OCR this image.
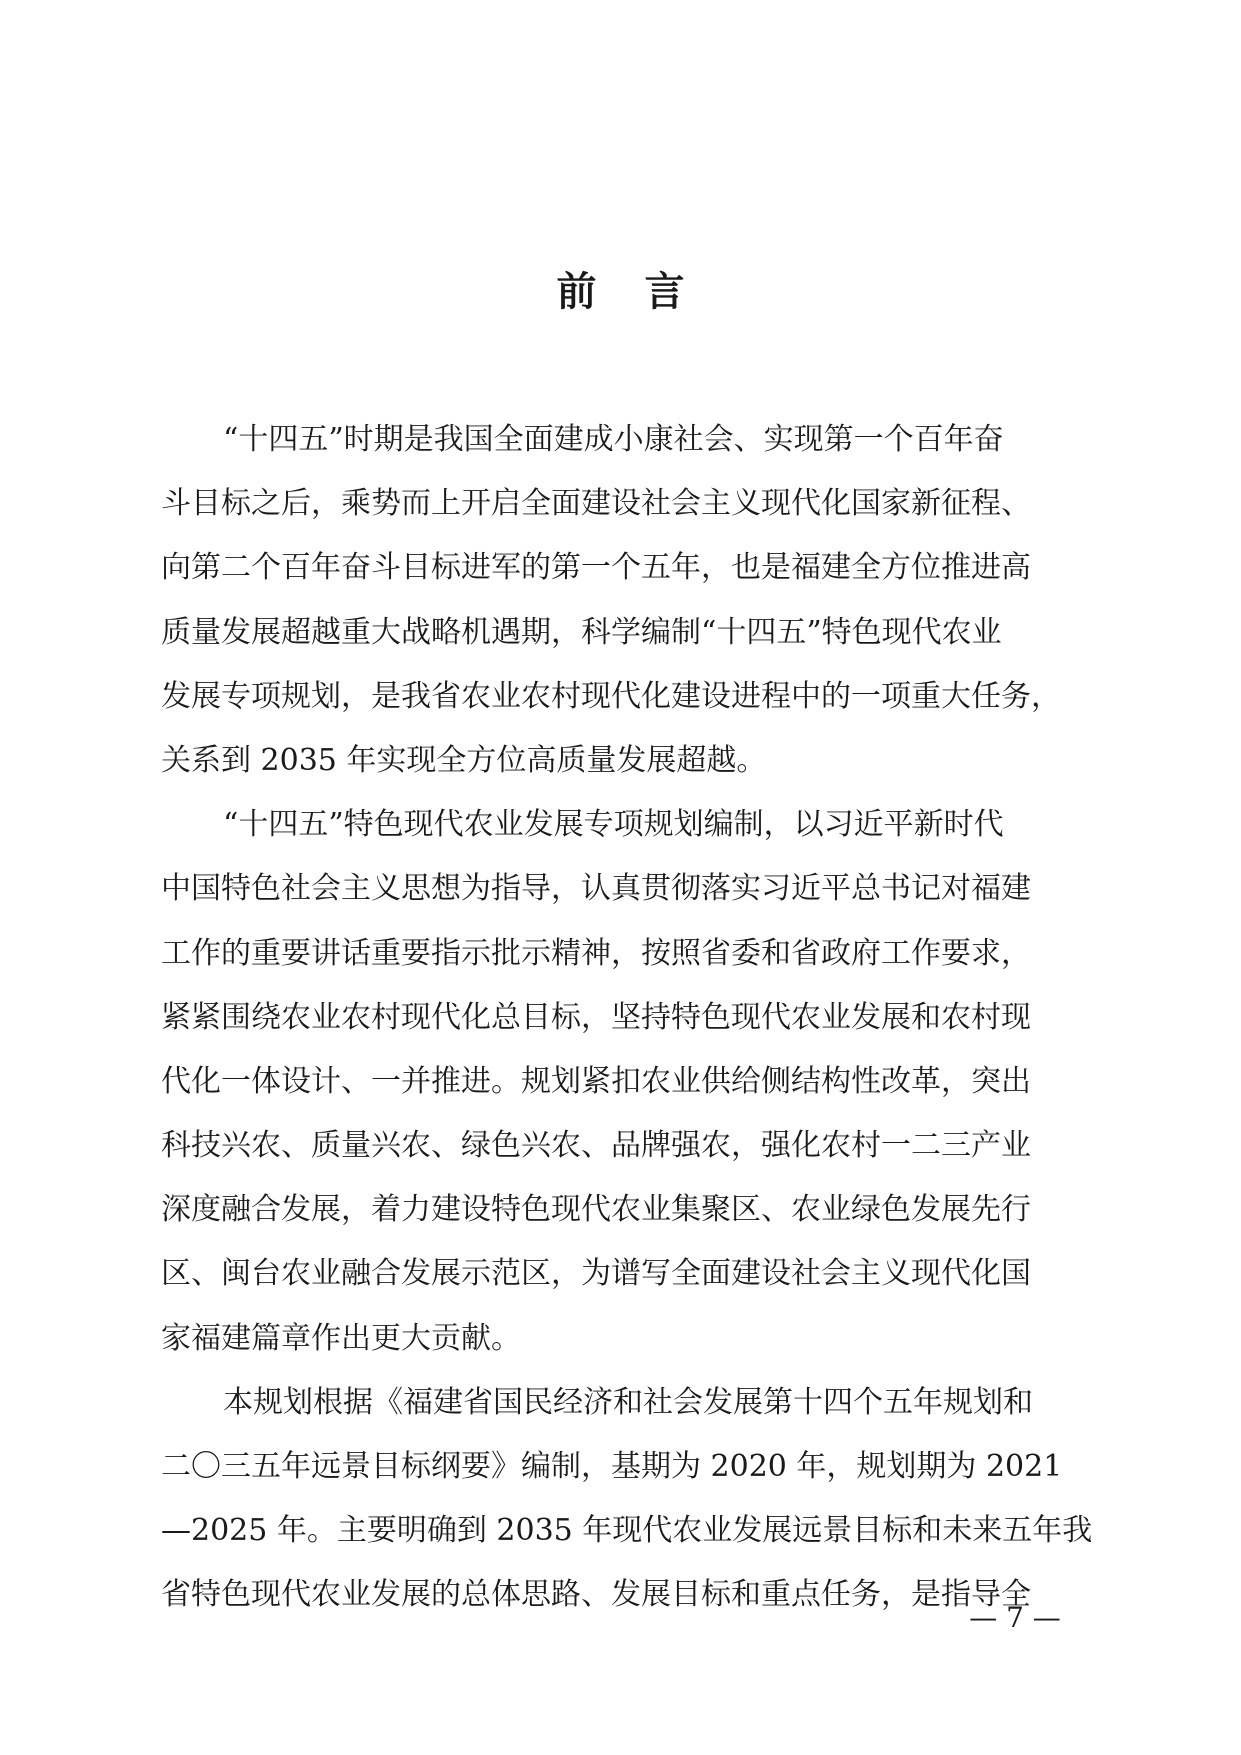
前言
“十四五”时期是我国全面建成小康社会、实现第一个百年奋
斗目标之后，乘势而上开启全面建设社会主义现代化国家新征程、
向第二个百年奋斗目标进军的第一个五年，也是福建全方位推进高
质量发展超越重大战略机遇期，科学编制“十四五”特色现代农业
发展专项规划，是我省农业农村现代化建设进程中的一项重大任务，
关系到 2035 年实现全方位高质量发展超越。
“十四五”特色现代农业发展专项规划编制，以习近平新时代
中国特色社会主义思想为指导，认真贯彻落实习近平总书记对福建
工作的重要讲话重要指示批示精神，按照省委和省政府工作要求，
紧紧围绕农业农村现代化总目标，坚持特色现代农业发展和农村现
代化一体设计、一并推进。规划紧扣农业供给侧结构性改革，突出
科技兴农、质量兴农、绿色兴农、品牌强农，强化农村一二三产业
深度融合发展，着力建设特色现代农业集聚区、农业绿色发展先行
区、闽台农业融合发展示范区，为谱写全面建设社会主义现代化国
家福建篇章作出更大贡献。
本规划根据《福建省国民经济和社会发展第十四个五年规划和
二〇三五年远景目标纲要》编制，基期为 2020 年，规划期为 2021
—2025 年。主要明确到 2035 年现代农业发展远景目标和未来五年我
省特色现代农业发展的总体思路、发展目标和重点任务，是指导全
— 7 —
